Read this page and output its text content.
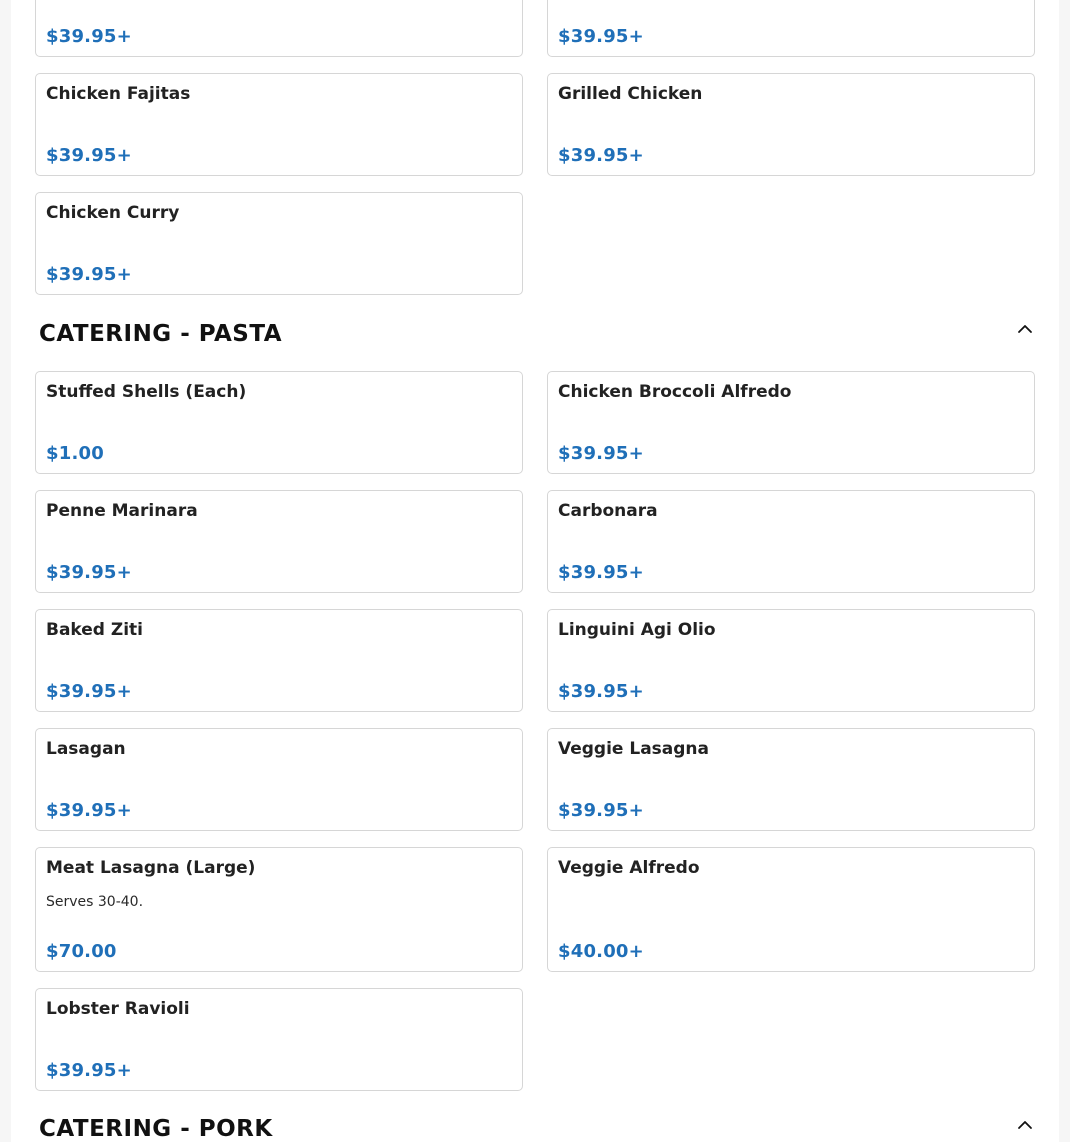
$39.95+	$39.95+
Chicken Fajitas
$39.95+
Grilled Chicken
$39.95+
Chicken Curry
$39.95+
CATERING - PASTA
Stuffed Shells (Each)
$1.00
Chicken Broccoli Alfredo
$39.95+
Penne Marinara
$39.95+
Carbonara
$39.95+
Baked Ziti
$39.95+
Linguini Agi Olio
$39.95+
Lasagan
$39.95+
Veggie Lasagna
$39.95+
Meat Lasagna (Large)
Serves 30-40.
$70.00
Veggie Alfredo
$40.00+
Lobster Ravioli
$39.95+
CATERING - PORK
